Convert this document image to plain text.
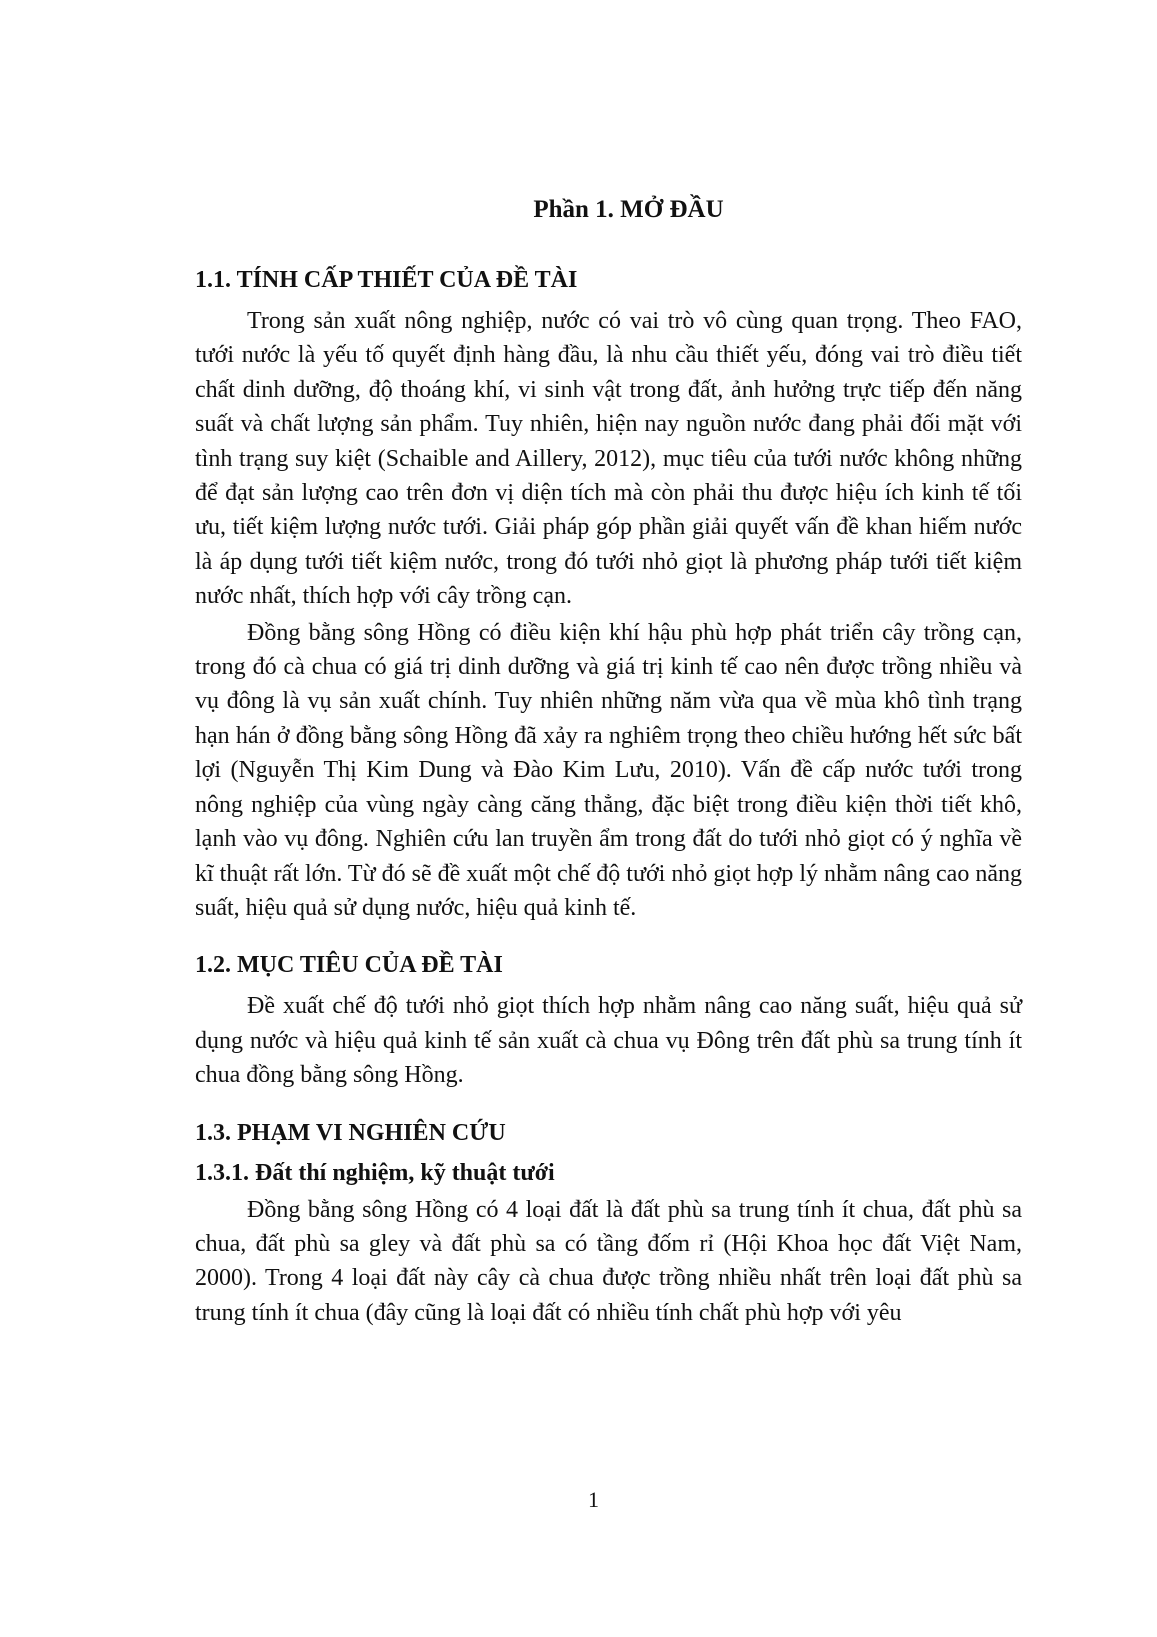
Phần 1. MỞ ĐẦU
1.1. TÍNH CẤP THIẾT CỦA ĐỀ TÀI

Trong sản xuất nông nghiệp, nước có vai trò vô cùng quan trọng. Theo FAO, tưới nước là yếu tố quyết định hàng đầu, là nhu cầu thiết yếu, đóng vai trò điều tiết chất dinh dưỡng, độ thoáng khí, vi sinh vật trong đất, ảnh hưởng trực tiếp đến năng suất và chất lượng sản phẩm. Tuy nhiên, hiện nay nguồn nước đang phải đối mặt với tình trạng suy kiệt (Schaible and Aillery, 2012), mục tiêu của tưới nước không những để đạt sản lượng cao trên đơn vị diện tích mà còn phải thu được hiệu ích kinh tế tối ưu, tiết kiệm lượng nước tưới. Giải pháp góp phần giải quyết vấn đề khan hiếm nước là áp dụng tưới tiết kiệm nước, trong đó tưới nhỏ giọt là phương pháp tưới tiết kiệm nước nhất, thích hợp với cây trồng cạn.

Đồng bằng sông Hồng có điều kiện khí hậu phù hợp phát triển cây trồng cạn, trong đó cà chua có giá trị dinh dưỡng và giá trị kinh tế cao nên được trồng nhiều và vụ đông là vụ sản xuất chính. Tuy nhiên những năm vừa qua về mùa khô tình trạng hạn hán ở đồng bằng sông Hồng đã xảy ra nghiêm trọng theo chiều hướng hết sức bất lợi (Nguyễn Thị Kim Dung và Đào Kim Lưu, 2010). Vấn đề cấp nước tưới trong nông nghiệp của vùng ngày càng căng thẳng, đặc biệt trong điều kiện thời tiết khô, lạnh vào vụ đông. Nghiên cứu lan truyền ẩm trong đất do tưới nhỏ giọt có ý nghĩa về kĩ thuật rất lớn. Từ đó sẽ đề xuất một chế độ tưới nhỏ giọt hợp lý nhằm nâng cao năng suất, hiệu quả sử dụng nước, hiệu quả kinh tế.

1.2. MỤC TIÊU CỦA ĐỀ TÀI

Đề xuất chế độ tưới nhỏ giọt thích hợp nhằm nâng cao năng suất, hiệu quả sử dụng nước và hiệu quả kinh tế sản xuất cà chua vụ Đông trên đất phù sa trung tính ít chua đồng bằng sông Hồng.

1.3. PHẠM VI NGHIÊN CỨU
1.3.1. Đất thí nghiệm, kỹ thuật tưới

Đồng bằng sông Hồng có 4 loại đất là đất phù sa trung tính ít chua, đất phù sa chua, đất phù sa gley và đất phù sa có tầng đốm rỉ (Hội Khoa học đất Việt Nam, 2000). Trong 4 loại đất này cây cà chua được trồng nhiều nhất trên loại đất phù sa trung tính ít chua (đây cũng là loại đất có nhiều tính chất phù hợp với yêu

1
